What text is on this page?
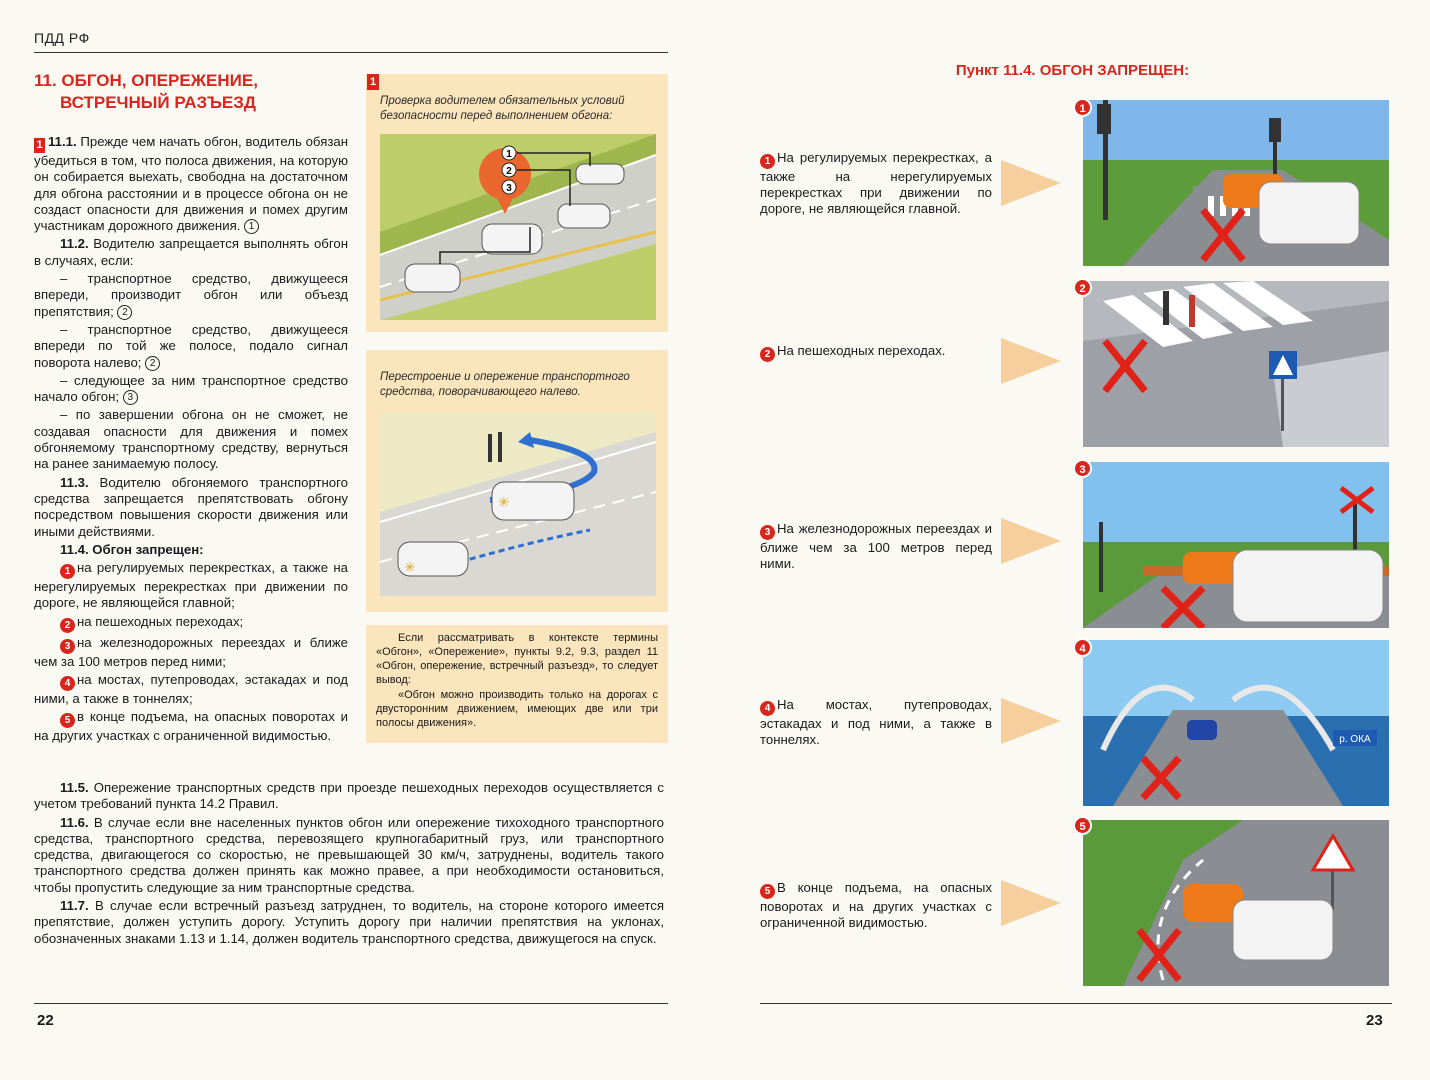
ПДД РФ
11. ОБГОН, ОПЕРЕЖЕНИЕ,
ВСТРЕЧНЫЙ РАЗЪЕЗД

1 11.1. Прежде чем начать обгон, водитель обязан убедиться в том, что полоса движения, на которую он собирается выехать, свободна на достаточном для обгона расстоянии и в процессе обгона он не создаст опасности для движения и помех другим участникам дорожного движения. 1

11.2. Водителю запрещается выполнять обгон в случаях, если:

– транспортное средство, движущееся впереди, производит обгон или объезд препятствия; 2

– транспортное средство, движущееся впереди по той же полосе, подало сигнал поворота налево; 2

– следующее за ним транспортное средство начало обгон; 3

– по завершении обгона он не сможет, не создавая опасности для движения и помех обгоняемому транспортному средству, вернуться на ранее занимаемую полосу.

11.3. Водителю обгоняемого транспортного средства запрещается препятствовать обгону посредством повышения скорости движения или иными действиями.

11.4. Обгон запрещен:

1 на регулируемых перекрестках, а также на нерегулируемых перекрестках при движении по дороге, не являющейся главной;

2 на пешеходных переходах;

3 на железнодорожных переездах и ближе чем за 100 метров перед ними;

4 на мостах, путепроводах, эстакадах и под ними, а также в тоннелях;

5 в конце подъема, на опасных поворотах и на других участках с ограниченной видимостью.

11.5. Опережение транспортных средств при проезде пешеходных переходов осуществляется с учетом требований пункта 14.2 Правил.

11.6. В случае если вне населенных пунктов обгон или опережение тихоходного транспортного средства, транспортного средства, перевозящего крупногабаритный груз, или транспортного средства, двигающегося со скоростью, не превышающей 30 км/ч, затруднены, водитель такого транспортного средства должен принять как можно правее, а при необходимости остановиться, чтобы пропустить следующие за ним транспортные средства.

11.7. В случае если встречный разъезд затруднен, то водитель, на стороне которого имеется препятствие, должен уступить дорогу. Уступить дорогу при наличии препятствия на уклонах, обозначенных знаками 1.13 и 1.14, должен водитель транспортного средства, движущегося на спуск.

1
Проверка водителем обязательных условий безопасности перед выполнением обгона:
1
2
3
Перестроение и опережение транспортного средства, поворачивающего налево.
✳
✳

Если рассматривать в контексте термины «Обгон», «Опережение», пункты 9.2, 9.3, раздел 11 «Обгон, опережение, встречный разъезд», то следует вывод:

«Обгон можно производить только на дорогах с двусторонним движением, имеющих две или три полосы движения».

22
Пункт 11.4. ОБГОН ЗАПРЕЩЕН:
1 На регулируемых перекрестках, а также на нерегулируемых перекрестках при движении по дороге, не являющейся главной.
1
2 На пешеходных переходах.
2
3 На железнодорожных переездах и ближе чем за 100 метров перед ними.
3
4 На мостах, путепроводах, эстакадах и под ними, а также в тоннелях.
4
р. ОКА
5 В конце подъема, на опасных поворотах и на других участках с ограниченной видимостью.
5
23
